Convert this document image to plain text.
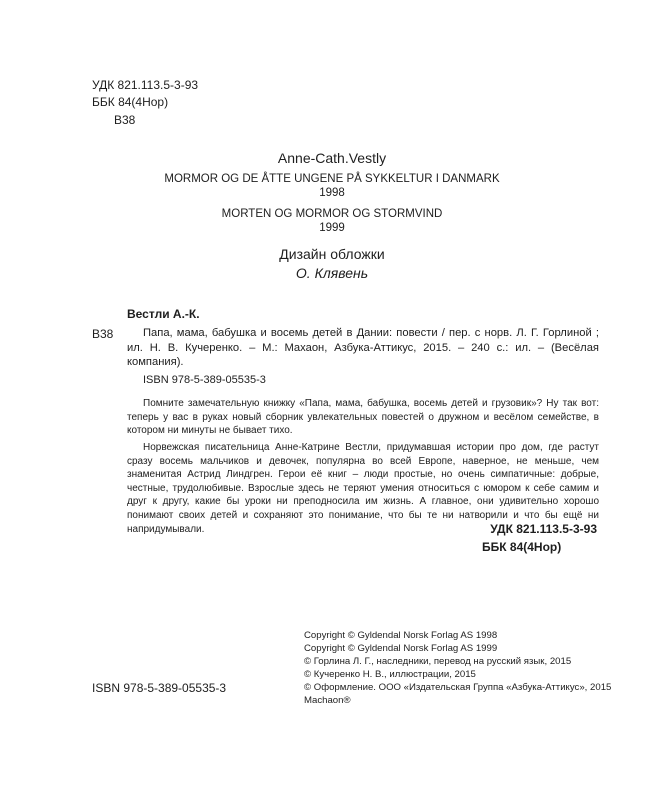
УДК 821.113.5-3-93
ББК 84(4Нор)
В38
Anne-Cath.Vestly
MORMOR OG DE ÅTTE UNGENE PÅ SYKKELTUR I DANMARK
1998
MORTEN OG MORMOR OG STORMVIND
1999
Дизайн обложки
О. Клявень
Вестли А.-К.
В38	Папа, мама, бабушка и восемь детей в Дании: повести / пер. с норв. Л. Г. Горлиной ; ил. Н. В. Кучеренко. – М.: Махаон, Азбука-Аттикус, 2015. – 240 с.: ил. – (Весёлая компания).
ISBN 978-5-389-05535-3
Помните замечательную книжку «Папа, мама, бабушка, восемь детей и грузовик»? Ну так вот: теперь у вас в руках новый сборник увлекательных повестей о дружном и весёлом семействе, в котором ни минуты не бывает тихо.
Норвежская писательница Анне-Катрине Вестли, придумавшая истории про дом, где растут сразу восемь мальчиков и девочек, популярна во всей Европе, наверное, не меньше, чем знаменитая Астрид Линдгрен. Герои её книг – люди простые, но очень симпатичные: добрые, честные, трудолюбивые. Взрослые здесь не теряют умения относиться с юмором к себе самим и друг к другу, какие бы уроки ни преподносила им жизнь. А главное, они удивительно хорошо понимают своих детей и сохраняют это понимание, что бы те ни натворили и что бы ещё ни напридумывали.	УДК 821.113.5-3-93
ББК 84(4Нор)
Copyright © Gyldendal Norsk Forlag AS 1998
Copyright © Gyldendal Norsk Forlag AS 1999
© Горлина Л. Г., наследники, перевод на русский язык, 2015
© Кучеренко Н. В., иллюстрации, 2015
© Оформление. ООО «Издательская Группа «Азбука-Аттикус», 2015
Machaon®
ISBN 978-5-389-05535-3
